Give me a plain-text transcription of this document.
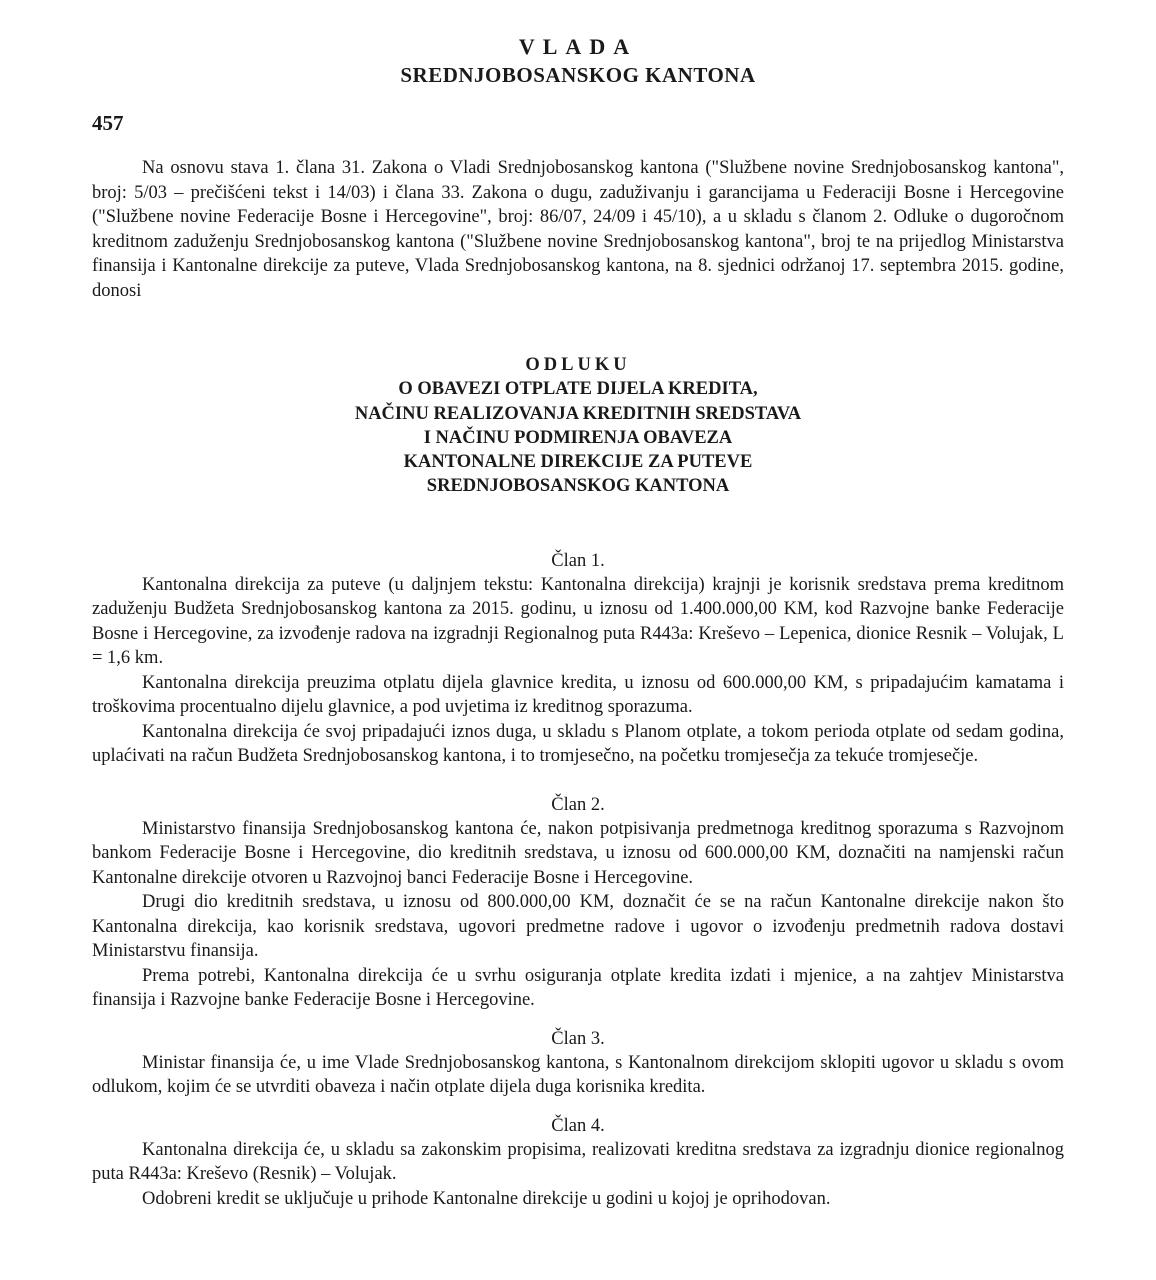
VLADA
SREDNJOBOSANSKOG KANTONA
457

Na osnovu stava 1. člana 31. Zakona o Vladi Srednjobosanskog kantona ("Službene novine Srednjobosanskog kantona", broj: 5/03 – prečišćeni tekst i 14/03) i člana 33. Zakona o dugu, zaduživanju i garancijama u Federaciji Bosne i Hercegovine ("Službene novine Federacije Bosne i Hercegovine", broj: 86/07, 24/09 i 45/10), a u skladu s članom 2. Odluke o dugoročnom kreditnom zaduženju Srednjobosanskog kantona ("Službene novine Srednjobosanskog kantona", broj te na prijedlog Ministarstva finansija i Kantonalne direkcije za puteve, Vlada Srednjobosanskog kantona, na 8. sjednici održanoj 17. septembra 2015. godine, donosi

ODLUKU
O OBAVEZI OTPLATE DIJELA KREDITA,
NAČINU REALIZOVANJA KREDITNIH SREDSTAVA
I NAČINU PODMIRENJA OBAVEZA
KANTONALNE DIREKCIJE ZA PUTEVE
SREDNJOBOSANSKOG KANTONA
Član 1.

Kantonalna direkcija za puteve (u daljnjem tekstu: Kantonalna direkcija) krajnji je korisnik sredstava prema kreditnom zaduženju Budžeta Srednjobosanskog kantona za 2015. godinu, u iznosu od 1.400.000,00 KM, kod Razvojne banke Federacije Bosne i Hercegovine, za izvođenje radova na izgradnji Regionalnog puta R443a: Kreševo – Lepenica, dionice Resnik – Volujak, L = 1,6 km.

Kantonalna direkcija preuzima otplatu dijela glavnice kredita, u iznosu od 600.000,00 KM, s pripadajućim kamatama i troškovima procentualno dijelu glavnice, a pod uvjetima iz kreditnog sporazuma.

Kantonalna direkcija će svoj pripadajući iznos duga, u skladu s Planom otplate, a tokom perioda otplate od sedam godina, uplaćivati na račun Budžeta Srednjobosanskog kantona, i to tromjesečno, na početku tromjesečja za tekuće tromjesečje.

Član 2.

Ministarstvo finansija Srednjobosanskog kantona će, nakon potpisivanja predmetnoga kreditnog sporazuma s Razvojnom bankom Federacije Bosne i Hercegovine, dio kreditnih sredstava, u iznosu od 600.000,00 KM, doznačiti na namjenski račun Kantonalne direkcije otvoren u Razvojnoj banci Federacije Bosne i Hercegovine.

Drugi dio kreditnih sredstava, u iznosu od 800.000,00 KM, doznačit će se na račun Kantonalne direkcije nakon što Kantonalna direkcija, kao korisnik sredstava, ugovori predmetne radove i ugovor o izvođenju predmetnih radova dostavi Ministarstvu finansija.

Prema potrebi, Kantonalna direkcija će u svrhu osiguranja otplate kredita izdati i mjenice, a na zahtjev Ministarstva finansija i Razvojne banke Federacije Bosne i Hercegovine.

Član 3.

Ministar finansija će, u ime Vlade Srednjobosanskog kantona, s Kantonalnom direkcijom sklopiti ugovor u skladu s ovom odlukom, kojim će se utvrditi obaveza i način otplate dijela duga korisnika kredita.

Član 4.

Kantonalna direkcija će, u skladu sa zakonskim propisima, realizovati kreditna sredstava za izgradnju dionice regionalnog puta R443a: Kreševo (Resnik) – Volujak.

Odobreni kredit se uključuje u prihode Kantonalne direkcije u godini u kojoj je oprihodovan.
